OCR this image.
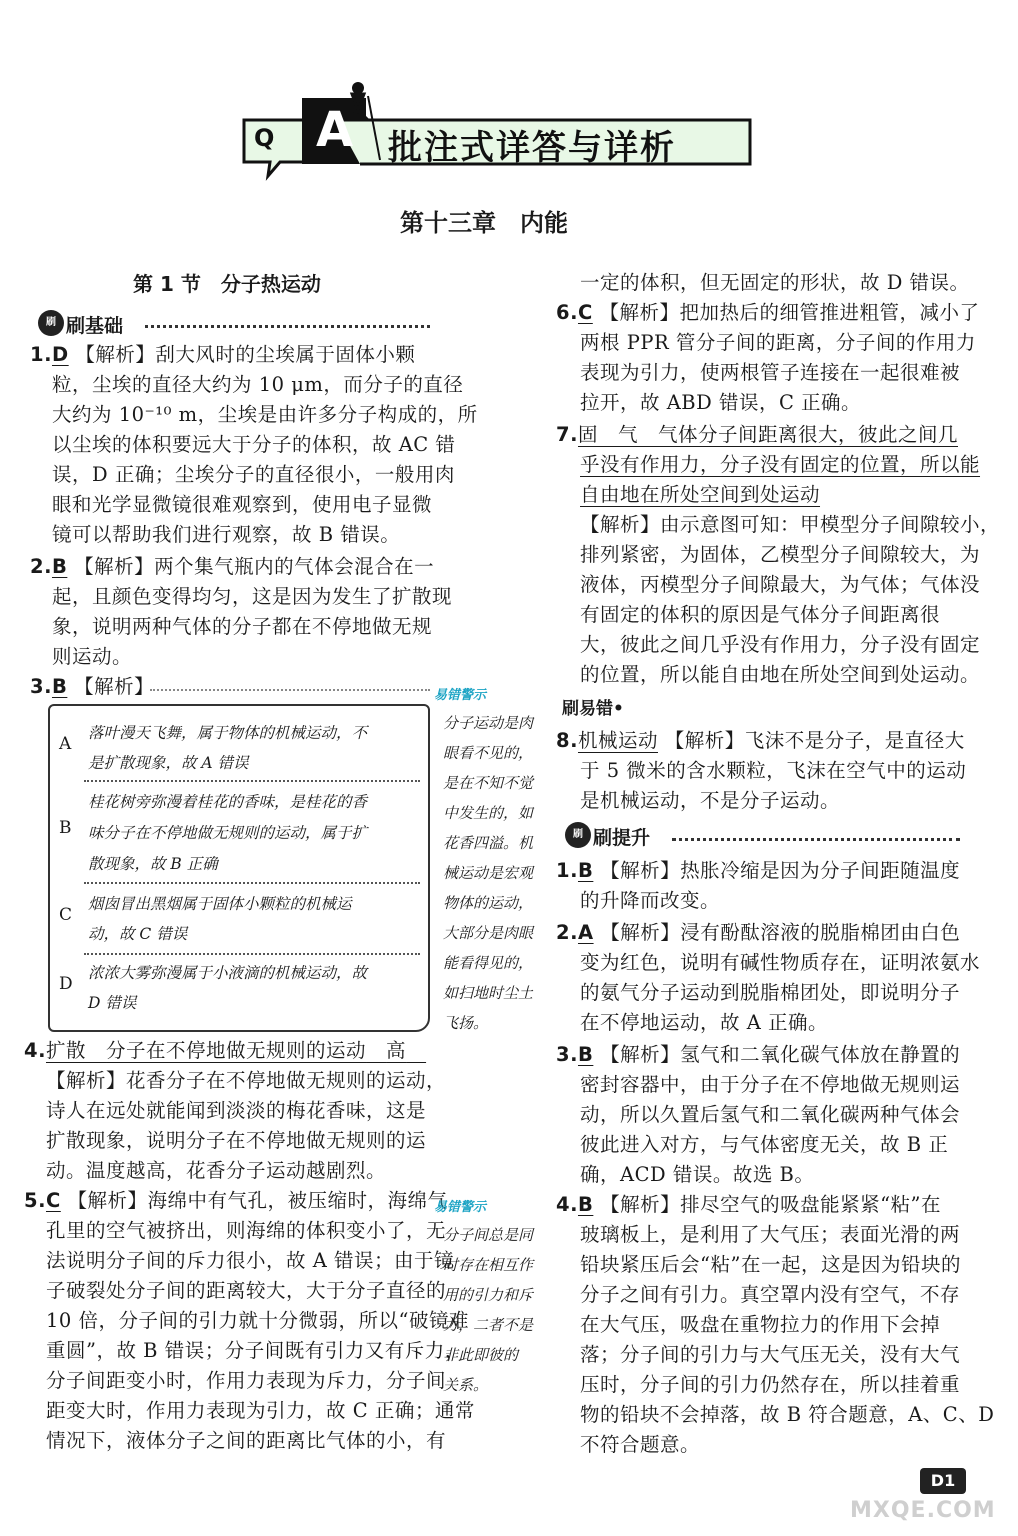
Q A 批注式详答与详析
第十三章　内能
第 1 节　分子热运动
刷 刷基础
1.D 【解析】刮大风时的尘埃属于固体小颗
粒，尘埃的直径大约为 10 μm，而分子的直径
大约为 10⁻¹⁰ m，尘埃是由许多分子构成的，所
以尘埃的体积要远大于分子的体积，故 AC 错
误，D 正确；尘埃分子的直径很小，一般用肉
眼和光学显微镜很难观察到，使用电子显微
镜可以帮助我们进行观察，故 B 错误。
2.B 【解析】两个集气瓶内的气体会混合在一
起，且颜色变得均匀，这是因为发生了扩散现
象，说明两种气体的分子都在不停地做无规
则运动。
3.B 【解析】	易错警示
A
落叶漫天飞舞，属于物体的机械运动，不
是扩散现象，故 A 错误
B
桂花树旁弥漫着桂花的香味，是桂花的香
味分子在不停地做无规则的运动，属于扩
散现象，故 B 正确
C
烟囱冒出黑烟属于固体小颗粒的机械运
动，故 C 错误
D
浓浓大雾弥漫属于小液滴的机械运动，故
D 错误
分子运动是肉
眼看不见的，
是在不知不觉
中发生的，如
花香四溢。机
械运动是宏观
物体的运动，
大部分是肉眼
能看得见的，
如扫地时尘土
飞扬。
4.扩散　 分子在不停地做无规则的运动　 高　
【解析】花香分子在不停地做无规则的运动，
诗人在远处就能闻到淡淡的梅花香味，这是
扩散现象，说明分子在不停地做无规则的运
动。温度越高，花香分子运动越剧烈。
5.C 【解析】海绵中有气孔，被压缩时，海绵气
孔里的空气被挤出，则海绵的体积变小了，无
法说明分子间的斥力很小，故 A 错误；由于镜
子破裂处分子间的距离较大，大于分子直径的
10 倍，分子间的引力就十分微弱，所以“破镜难
重圆”，故 B 错误；分子间既有引力又有斥力，
分子间距变小时，作用力表现为斥力，分子间
距变大时，作用力表现为引力，故 C 正确；通常
情况下，液体分子之间的距离比气体的小，有
易错警示
分子间总是同
时存在相互作
用的引力和斥
力，二者不是
非此即彼的
关系。
一定的体积，但无固定的形状，故 D 错误。
6.C 【解析】把加热后的细管推进粗管，减小了
两根 PPR 管分子间的距离，分子间的作用力
表现为引力，使两根管子连接在一起很难被
拉开，故 ABD 错误，C 正确。
7.固　气　气体分子间距离很大，彼此之间几
乎没有作用力，分子没有固定的位置，所以能
自由地在所处空间到处运动
【解析】由示意图可知：甲模型分子间隙较小，
排列紧密，为固体，乙模型分子间隙较大，为
液体，丙模型分子间隙最大，为气体；气体没
有固定的体积的原因是气体分子间距离很
大，彼此之间几乎没有作用力，分子没有固定
的位置，所以能自由地在所处空间到处运动。
刷易错•
8.机械运动 【解析】飞沫不是分子，是直径大
于 5 微米的含水颗粒，飞沫在空气中的运动
是机械运动，不是分子运动。
刷 刷提升
1.B 【解析】热胀冷缩是因为分子间距随温度
的升降而改变。
2.A 【解析】浸有酚酞溶液的脱脂棉团由白色
变为红色，说明有碱性物质存在，证明浓氨水
的氨气分子运动到脱脂棉团处，即说明分子
在不停地运动，故 A 正确。
3.B 【解析】氢气和二氧化碳气体放在静置的
密封容器中，由于分子在不停地做无规则运
动，所以久置后氢气和二氧化碳两种气体会
彼此进入对方，与气体密度无关，故 B 正
确，ACD 错误。故选 B。
4.B 【解析】排尽空气的吸盘能紧紧“粘”在
玻璃板上，是利用了大气压；表面光滑的两
铅块紧压后会“粘”在一起，这是因为铅块的
分子之间有引力。真空罩内没有空气，不存
在大气压，吸盘在重物拉力的作用下会掉
落；分子间的引力与大气压无关，没有大气
压时，分子间的引力仍然存在，所以挂着重
物的铅块不会掉落，故 B 符合题意，A、C、D
不符合题意。
D1
MXQE.COM
